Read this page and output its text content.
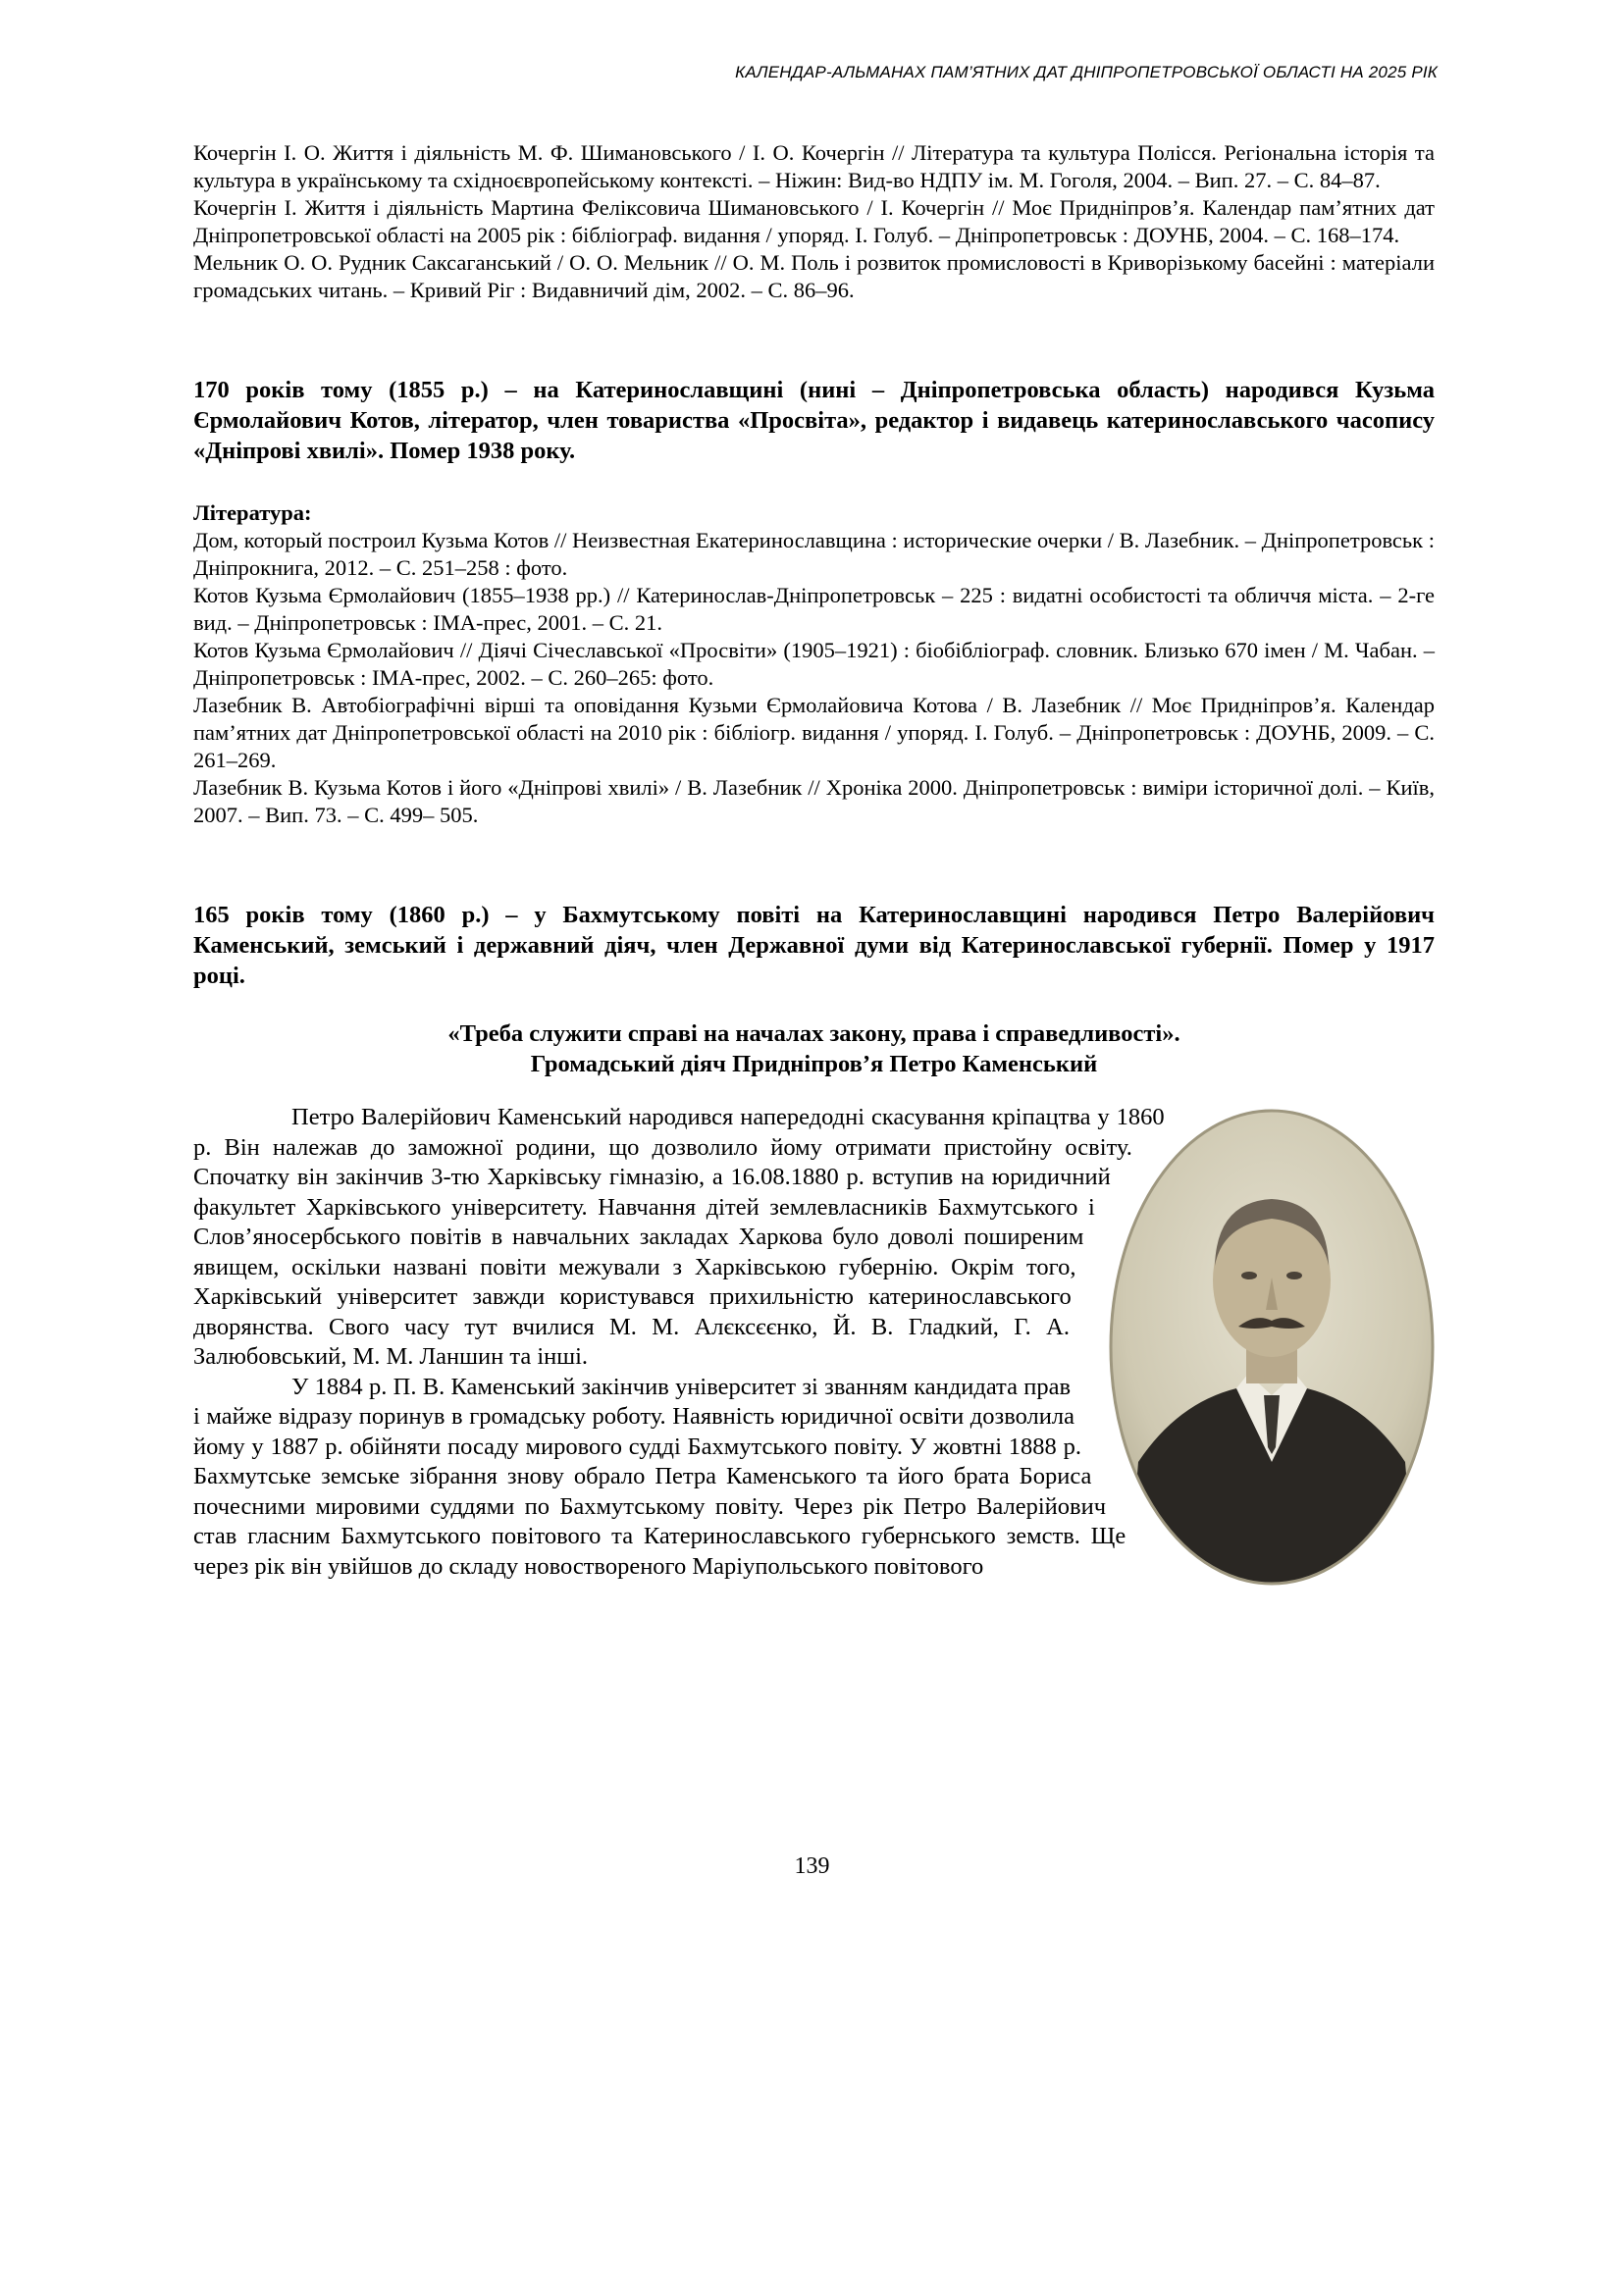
КАЛЕНДАР-АЛЬМАНАХ ПАМ’ЯТНИХ ДАТ ДНІПРОПЕТРОВСЬКОЇ ОБЛАСТІ НА 2025 РІК

Кочергін І. О. Життя і діяльність М. Ф. Шимановського / І. О. Кочергін // Література та культура Полісся. Регіональна історія та культура в українському та східноєвропейському контексті. – Ніжин: Вид-во НДПУ ім. М. Гоголя, 2004. – Вип. 27. – С. 84–87.

Кочергін І. Життя і діяльність Мартина Феліксовича Шимановського / І. Кочергін // Моє Придніпров’я. Календар пам’ятних дат Дніпропетровської області на 2005 рік : бібліограф. видання / упоряд. І. Голуб. – Дніпропетровськ : ДОУНБ, 2004. – С. 168–174.

Мельник О. О. Рудник Саксаганський / О. О. Мельник // О. М. Поль і розвиток промисловості в Криворізькому басейні : матеріали громадських читань. – Кривий Ріг : Видавничий дім, 2002. – С. 86–96.

170 років тому (1855 р.) – на Катеринославщині (нині – Дніпропетровська область) народився Кузьма Єрмолайович Котов, літератор, член товариства «Просвіта», редактор і видавець катеринославського часопису «Дніпрові хвилі». Помер 1938 року.

Література:

Дом, который построил Кузьма Котов // Неизвестная Екатеринославщина : исторические очерки / В. Лазебник. – Днiпропетровськ : Днiпрокнига, 2012. – С. 251–258 : фото.

Котов Кузьма Єрмолайович (1855–1938 рр.) // Катеринослав-Дніпропетровськ – 225 : видатні особистості та обличчя міста. – 2-ге вид. – Дніпропетровськ : ІМА-прес, 2001. – С. 21.

Котов Кузьма Єрмолайович // Діячі Січеславської «Просвіти» (1905–1921) : біобібліограф. словник. Близько 670 імен / М. Чабан. – Дніпропетровськ : ІМА-прес, 2002. – С. 260–265: фото.

Лазебник В. Автобіографічні вірші та оповідання Кузьми Єрмолайовича Котова / В. Лазебник // Моє Придніпров’я. Календар пам’ятних дат Дніпропетровської області на 2010 рік : бібліогр. видання / упоряд. І. Голуб. – Дніпропетровськ : ДОУНБ, 2009. – С. 261–269.

Лазебник В. Кузьма Котов і його «Дніпрові хвилі» / В. Лазебник // Хроніка 2000. Дніпропетровськ : виміри історичної долі. – Київ, 2007. – Вип. 73. – С. 499– 505.

165 років тому (1860 р.) – у Бахмутському повіті на Катеринославщині народився Петро Валерійович Каменський, земський і державний діяч, член Державної думи від Катеринославської губернії. Помер у 1917 році.

«Треба служити справі на началах закону, права і справедливості».

Громадський діяч Придніпров’я Петро Каменський

Петро Валерійович Каменський народився напередодні скасування кріпацтва у 1860 р. Він належав до заможної родини, що дозволило йому отримати пристойну освіту. Спочатку він закінчив 3-тю Харківську гімназію, а 16.08.1880 р. вступив на юридичний факультет Харківського університету. Навчання дітей землевласників Бахмутського і Слов’яносербського повітів в навчальних закладах Харкова було доволі поширеним явищем, оскільки названі повіти межували з Харківською губернію. Окрім того, Харківський університет завжди користувався прихильністю катеринославського дворянства. Свого часу тут вчилися М. М. Алєксєєнко, Й. В. Гладкий, Г. А. Залюбовський, М. М. Ланшин та інші.

У 1884 р. П. В. Каменський закінчив університет зі званням кандидата прав і майже відразу поринув в громадську роботу. Наявність юридичної освіти дозволила йому у 1887 р. обійняти посаду мирового судді Бахмутського повіту. У жовтні 1888 р. Бахмутське земське зібрання знову обрало Петра Каменського та його брата Бориса почесними мировими суддями по Бахмутському повіту. Через рік Петро Валерійович став гласним Бахмутського повітового та Катеринославського губернського земств. Ще через рік він увійшов до складу новоствореного Маріупольського повітового

139
